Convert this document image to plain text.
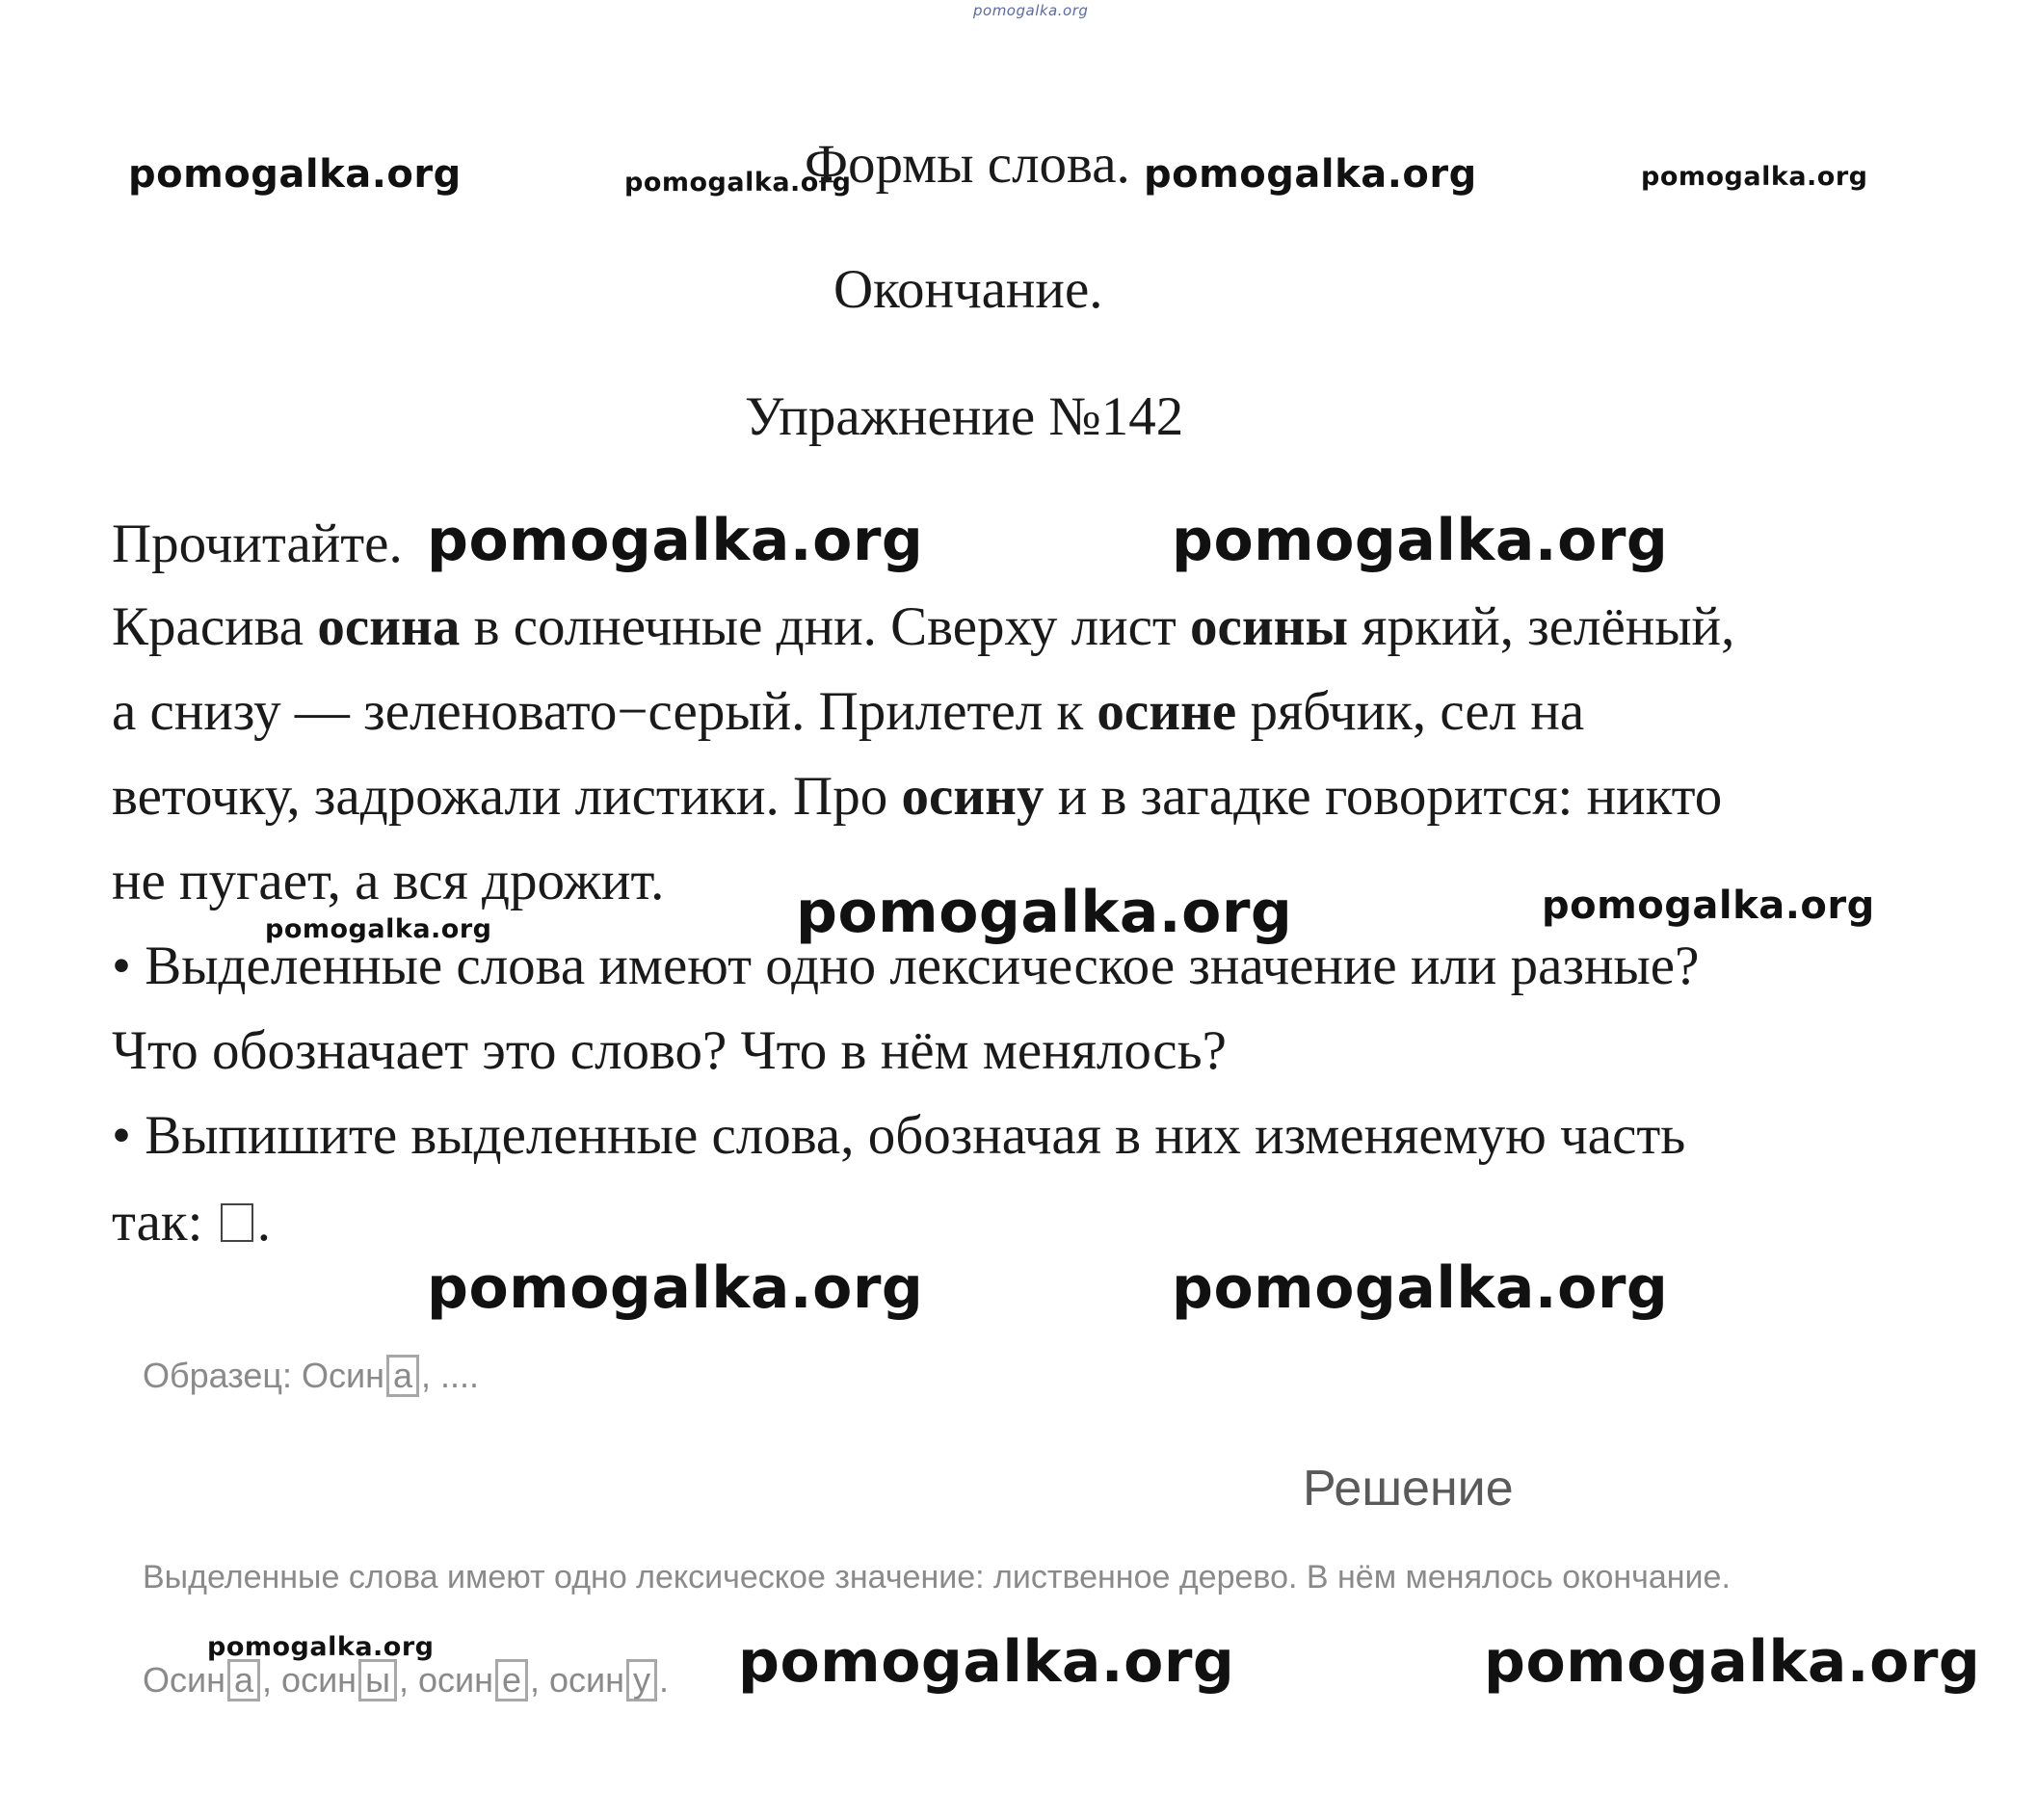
pomogalka.org
pomogalka.org	pomogalka.org
Формы слова. pomogalka.org	pomogalka.org
Окончание.
Упражнение №142
Прочитайте. pomogalka.org	pomogalka.org
Красива осина в солнечные дни. Сверху лист осины яркий, зелёный,
а снизу — зеленовато−серый. Прилетел к осине рябчик, сел на
веточку, задрожали листики. Про осину и в загадке говорится: никто
не пугает, а вся дрожит. pomogalka.org	pomogalka.org
pomogalka.org
• Выделенные слова имеют одно лексическое значение или разные?
Что обозначает это слово? Что в нём менялось?
• Выпишите выделенные слова, обозначая в них изменяемую часть
так: .
pomogalka.org	pomogalka.org
Образец: Осин а , ....
Решение
Выделенные слова имеют одно лексическое значение: лиственное дерево. В нём менялось окончание.
pomogalka.org
Осин а , осин ы , осин е , осин у . pomogalka.org	pomogalka.org
